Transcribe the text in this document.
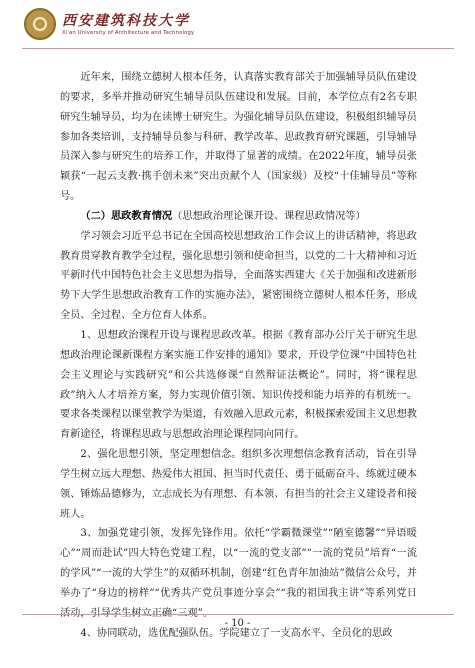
西安建筑科技大学
Xi'an University of Architecture and Technology

近年来，围绕立德树人根本任务，认真落实教育部关于加强辅导员队伍建设的要求，多举并推动研究生辅导员队伍建设和发展。目前，本学位点有2名专职研究生辅导员，均为在读博士研究生。为强化辅导员队伍建设，积极组织辅导员参加各类培训，支持辅导员参与科研、教学改革、思政教育研究课题，引导辅导员深入参与研究生的培养工作，并取得了显著的成绩。在2022年度，辅导员张颖获“一起云支教·携手创未来”突出贡献个人（国家级）及校“十佳辅导员”等称号。

（二）思政教育情况（思想政治理论课开设、课程思政情况等）

学习领会习近平总书记在全国高校思想政治工作会议上的讲话精神，将思政教育贯穿教育教学全过程，强化思想引领和使命担当，以党的二十大精神和习近平新时代中国特色社会主义思想为指导，全面落实西建大《关于加强和改进新形势下大学生思想政治教育工作的实施办法》，紧密围绕立德树人根本任务，形成全员、全过程、全方位育人体系。

1、思想政治课程开设与课程思政改革。根据《教育部办公厅关于研究生思想政治理论课新课程方案实施工作安排的通知》要求，开设学位课“中国特色社会主义理论与实践研究”和公共选修课“自然辩证法概论”。同时，将“课程思政”纳入人才培养方案，努力实现价值引领、知识传授和能力培养的有机统一。要求各类课程以课堂教学为渠道，有效融入思政元素，积极探索爱国主义思想教育新途径，将课程思政与思想政治理论课程同向同行。

2、强化思想引领，坚定理想信念。组织多次理想信念教育活动，旨在引导学生树立远大理想、热爱伟大祖国、担当时代责任、勇于砥砺奋斗、练就过硬本领、锤炼品德修为，立志成长为有理想、有本领、有担当的社会主义建设者和接班人。

3、加强党建引领，发挥先锋作用。依托“学霸微课堂”“陋室德馨”“异语暖心”“周而赴试”四大特色党建工程，以“一流的党支部”“一流的党员”培育“一流的学风”“一流的大学生”的双循环机制，创建“红色青年加油站”微信公众号，并举办了“身边的榜样”“优秀共产党员事迹分享会”“我的祖国我主讲”等系列党日

4、协同联动，选优配强队伍。学院建立了一支高水平、全员化的思政

- 10 -
